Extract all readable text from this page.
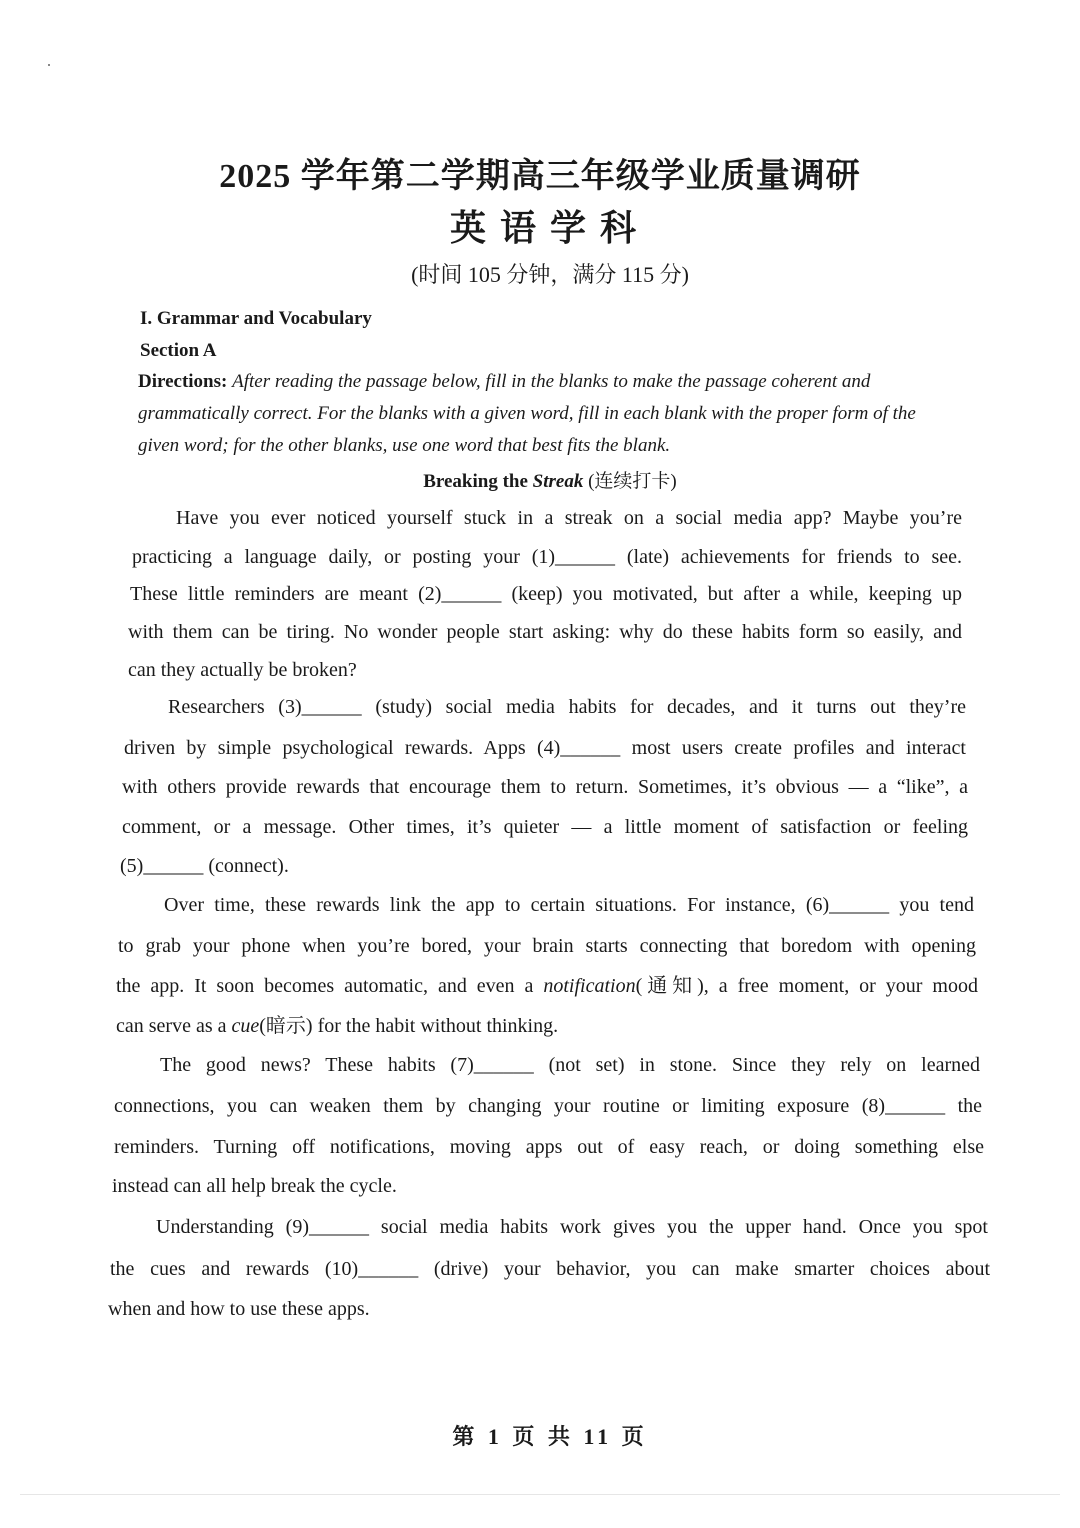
2025 学年第二学期高三年级学业质量调研
英语学科
(时间 105 分钟，满分 115 分)
I. Grammar and Vocabulary
Section A
Directions: After reading the passage below, fill in the blanks to make the passage coherent and grammatically correct. For the blanks with a given word, fill in each blank with the proper form of the given word; for the other blanks, use one word that best fits the blank.
Breaking the Streak (连续打卡)
Have you ever noticed yourself stuck in a streak on a social media app? Maybe you’re
practicing a language daily, or posting your (1)______ (late) achievements for friends to see.
These little reminders are meant (2)______ (keep) you motivated, but after a while, keeping up
with them can be tiring. No wonder people start asking: why do these habits form so easily, and
can they actually be broken?
Researchers (3)______ (study) social media habits for decades, and it turns out they’re
driven by simple psychological rewards. Apps (4)______ most users create profiles and interact
with others provide rewards that encourage them to return. Sometimes, it’s obvious — a “like”, a
comment, or a message. Other times, it’s quieter — a little moment of satisfaction or feeling
(5)______ (connect).
Over time, these rewards link the app to certain situations. For instance, (6)______ you tend
to grab your phone when you’re bored, your brain starts connecting that boredom with opening
the app. It soon becomes automatic, and even a notification(通知), a free moment, or your mood
can serve as a cue(暗示) for the habit without thinking.
The good news? These habits (7)______ (not set) in stone. Since they rely on learned
connections, you can weaken them by changing your routine or limiting exposure (8)______ the
reminders. Turning off notifications, moving apps out of easy reach, or doing something else
instead can all help break the cycle.
Understanding (9)______ social media habits work gives you the upper hand. Once you spot
the cues and rewards (10)______ (drive) your behavior, you can make smarter choices about
when and how to use these apps.
第 1 页 共 11 页
